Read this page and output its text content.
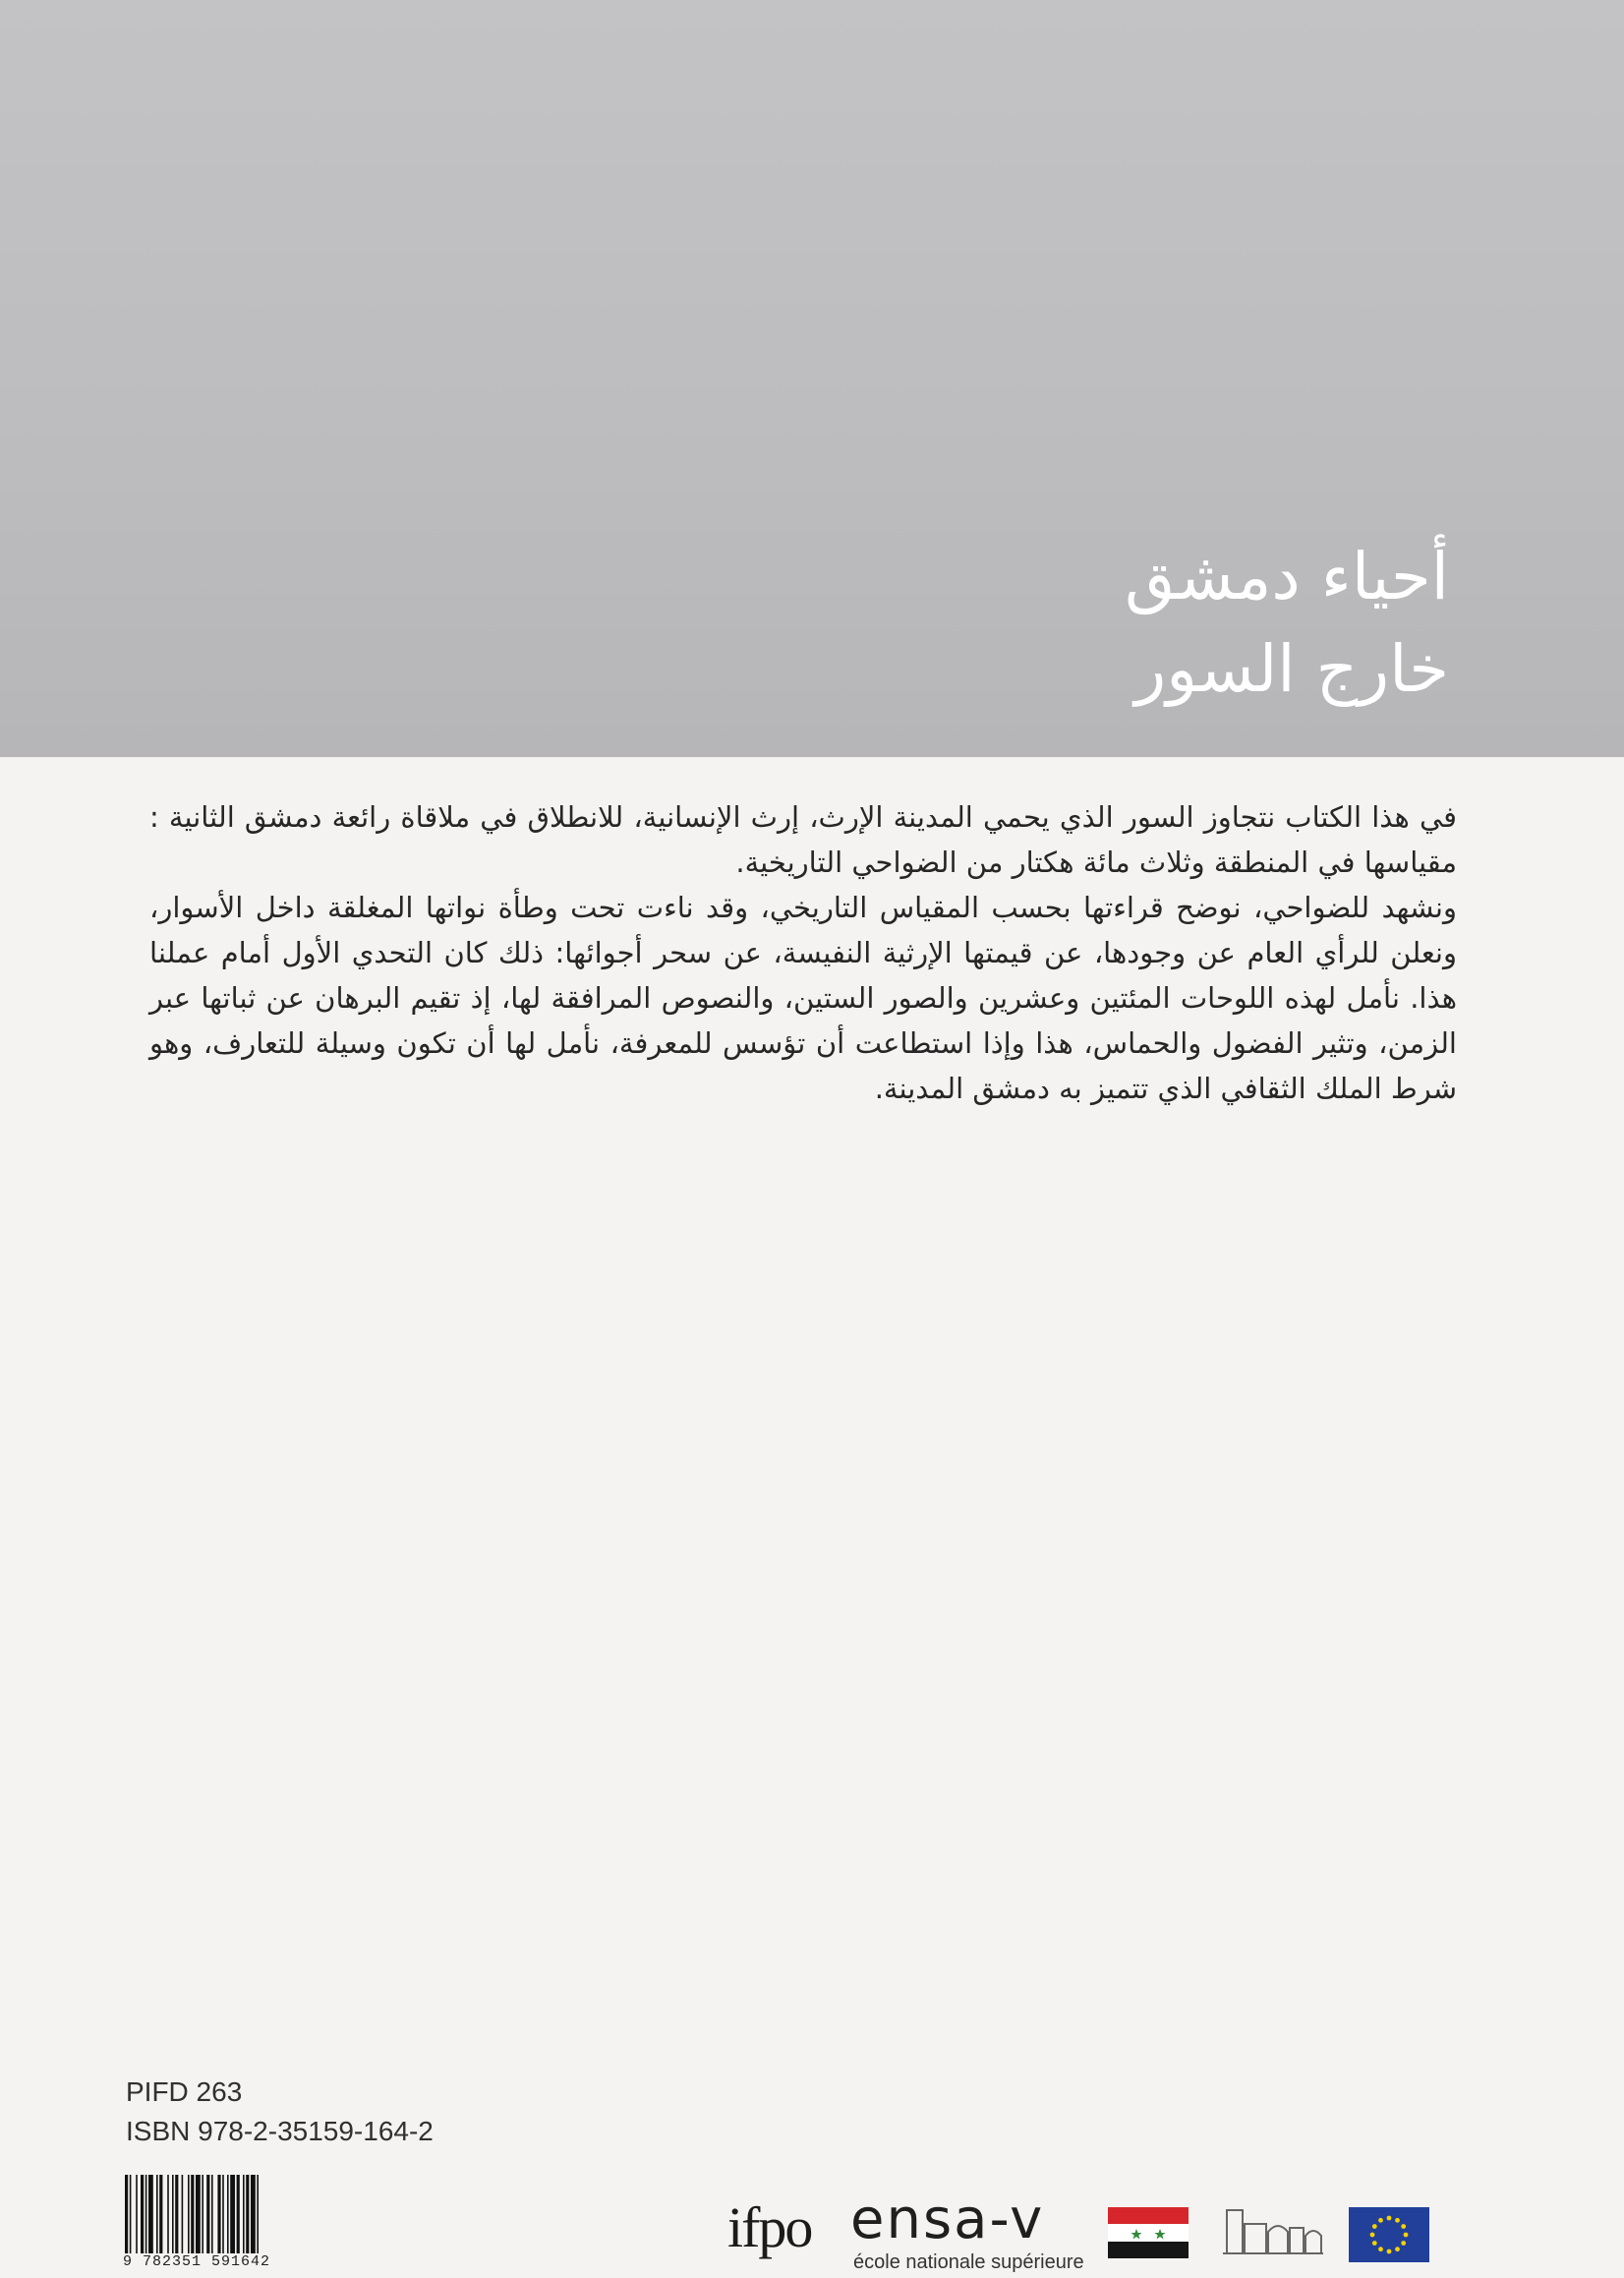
أحياء دمشق
خارج السور

في هذا الكتاب نتجاوز السور الذي يحمي المدينة الإرث، إرث الإنسانية، للانطلاق في ملاقاة رائعة دمشق الثانية : مقياسها في المنطقة وثلاث مائة هكتار من الضواحي التاريخية.

ونشهد للضواحي، نوضح قراءتها بحسب المقياس التاريخي، وقد ناءت تحت وطأة نواتها المغلقة داخل الأسوار، ونعلن للرأي العام عن وجودها، عن قيمتها الإرثية النفيسة، عن سحر أجوائها: ذلك كان التحدي الأول أمام عملنا هذا. نأمل لهذه اللوحات المئتين وعشرين والصور الستين، والنصوص المرافقة لها، إذ تقيم البرهان عن ثباتها عبر الزمن، وتثير الفضول والحماس، هذا وإذا استطاعت أن تؤسس للمعرفة، نأمل لها أن تكون وسيلة للتعارف، وهو شرط الملك الثقافي الذي تتميز به دمشق المدينة.

PIFD 263
ISBN 978-2-35159-164-2
9 782351 591642
ifpo ensa-v
école nationale supérieure
